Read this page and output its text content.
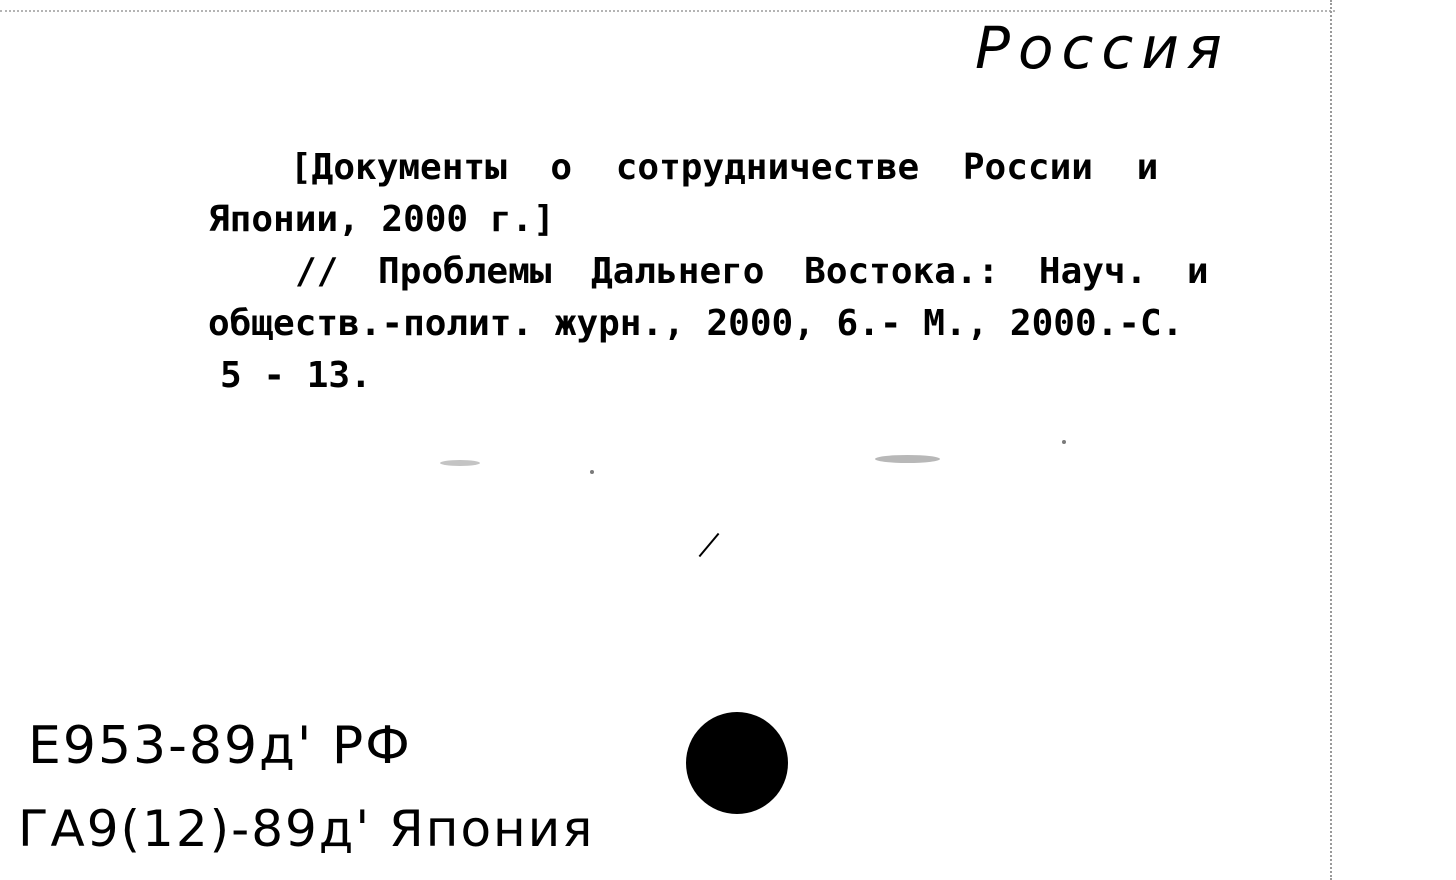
Россия
[Документы о сотрудничестве России и
Японии, 2000 г.]
// Проблемы Дальнего Востока.: Науч. и
обществ.-полит. журн., 2000, 6.- М., 2000.-С.
5 - 13.
Е953-89д' РФ
ГА9(12)-89д' Япония
